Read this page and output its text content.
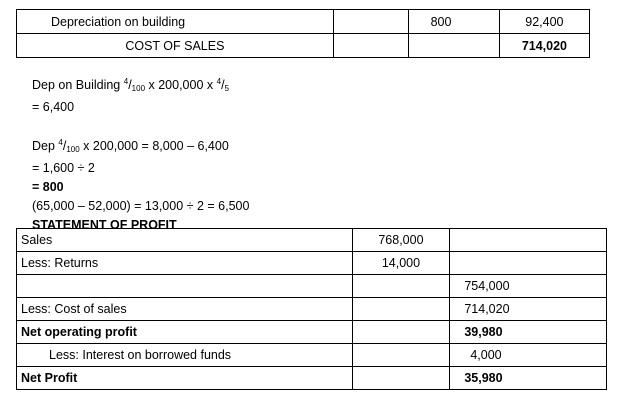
Depreciation on building		800	92,400
COST OF SALES			714,020
Dep on Building $^4/_{100}$ x 200,000 x $^4/_5$
= 6,400
Dep $^4/_{100}$ x 200,000 = 8,000 – 6,400
= 1,600 ÷ 2
= 800
(65,000 – 52,000) = 13,000 ÷ 2 = 6,500
STATEMENT OF PROFIT
Sales	768,000	
Less: Returns	14,000	
		754,000
Less: Cost of sales		714,020
Net operating profit		39,980
Less: Interest on borrowed funds		4,000
Net Profit		35,980
